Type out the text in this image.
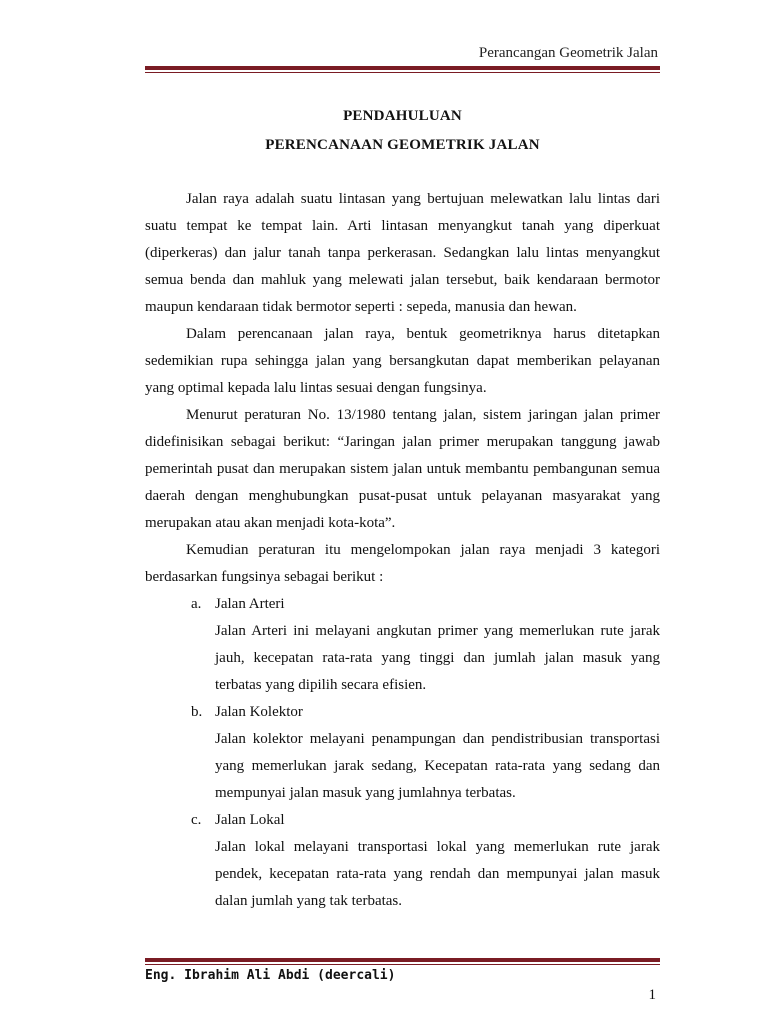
Perancangan Geometrik Jalan
PENDAHULUAN
PERENCANAAN GEOMETRIK JALAN

Jalan raya adalah suatu lintasan yang bertujuan melewatkan lalu lintas dari suatu tempat ke tempat lain. Arti lintasan menyangkut tanah yang diperkuat (diperkeras) dan jalur tanah tanpa perkerasan. Sedangkan lalu lintas menyangkut semua benda dan mahluk yang melewati jalan tersebut, baik kendaraan bermotor maupun kendaraan tidak bermotor seperti : sepeda, manusia dan hewan.

Dalam perencanaan jalan raya, bentuk geometriknya harus ditetapkan sedemikian rupa sehingga jalan yang bersangkutan dapat memberikan pelayanan yang optimal kepada lalu lintas sesuai dengan fungsinya.

Menurut peraturan No. 13/1980 tentang jalan, sistem jaringan jalan primer didefinisikan sebagai berikut: “Jaringan jalan primer merupakan tanggung jawab pemerintah pusat dan merupakan sistem jalan untuk membantu pembangunan semua daerah dengan menghubungkan pusat-pusat untuk pelayanan masyarakat yang merupakan atau akan menjadi kota-kota”.

Kemudian peraturan itu mengelompokan jalan raya menjadi 3 kategori berdasarkan fungsinya sebagai berikut :

a. Jalan Arteri
Jalan Arteri ini melayani angkutan primer yang memerlukan rute jarak jauh, kecepatan rata-rata yang tinggi dan jumlah jalan masuk yang terbatas yang dipilih secara efisien.
b. Jalan Kolektor
Jalan kolektor melayani penampungan dan pendistribusian transportasi yang memerlukan jarak sedang, Kecepatan rata-rata yang sedang dan mempunyai jalan masuk yang jumlahnya terbatas.
c. Jalan Lokal
Jalan lokal melayani transportasi lokal yang memerlukan rute jarak pendek, kecepatan rata-rata yang rendah dan mempunyai jalan masuk dalan jumlah yang tak terbatas.
Eng. Ibrahim Ali Abdi (deercali)
1
